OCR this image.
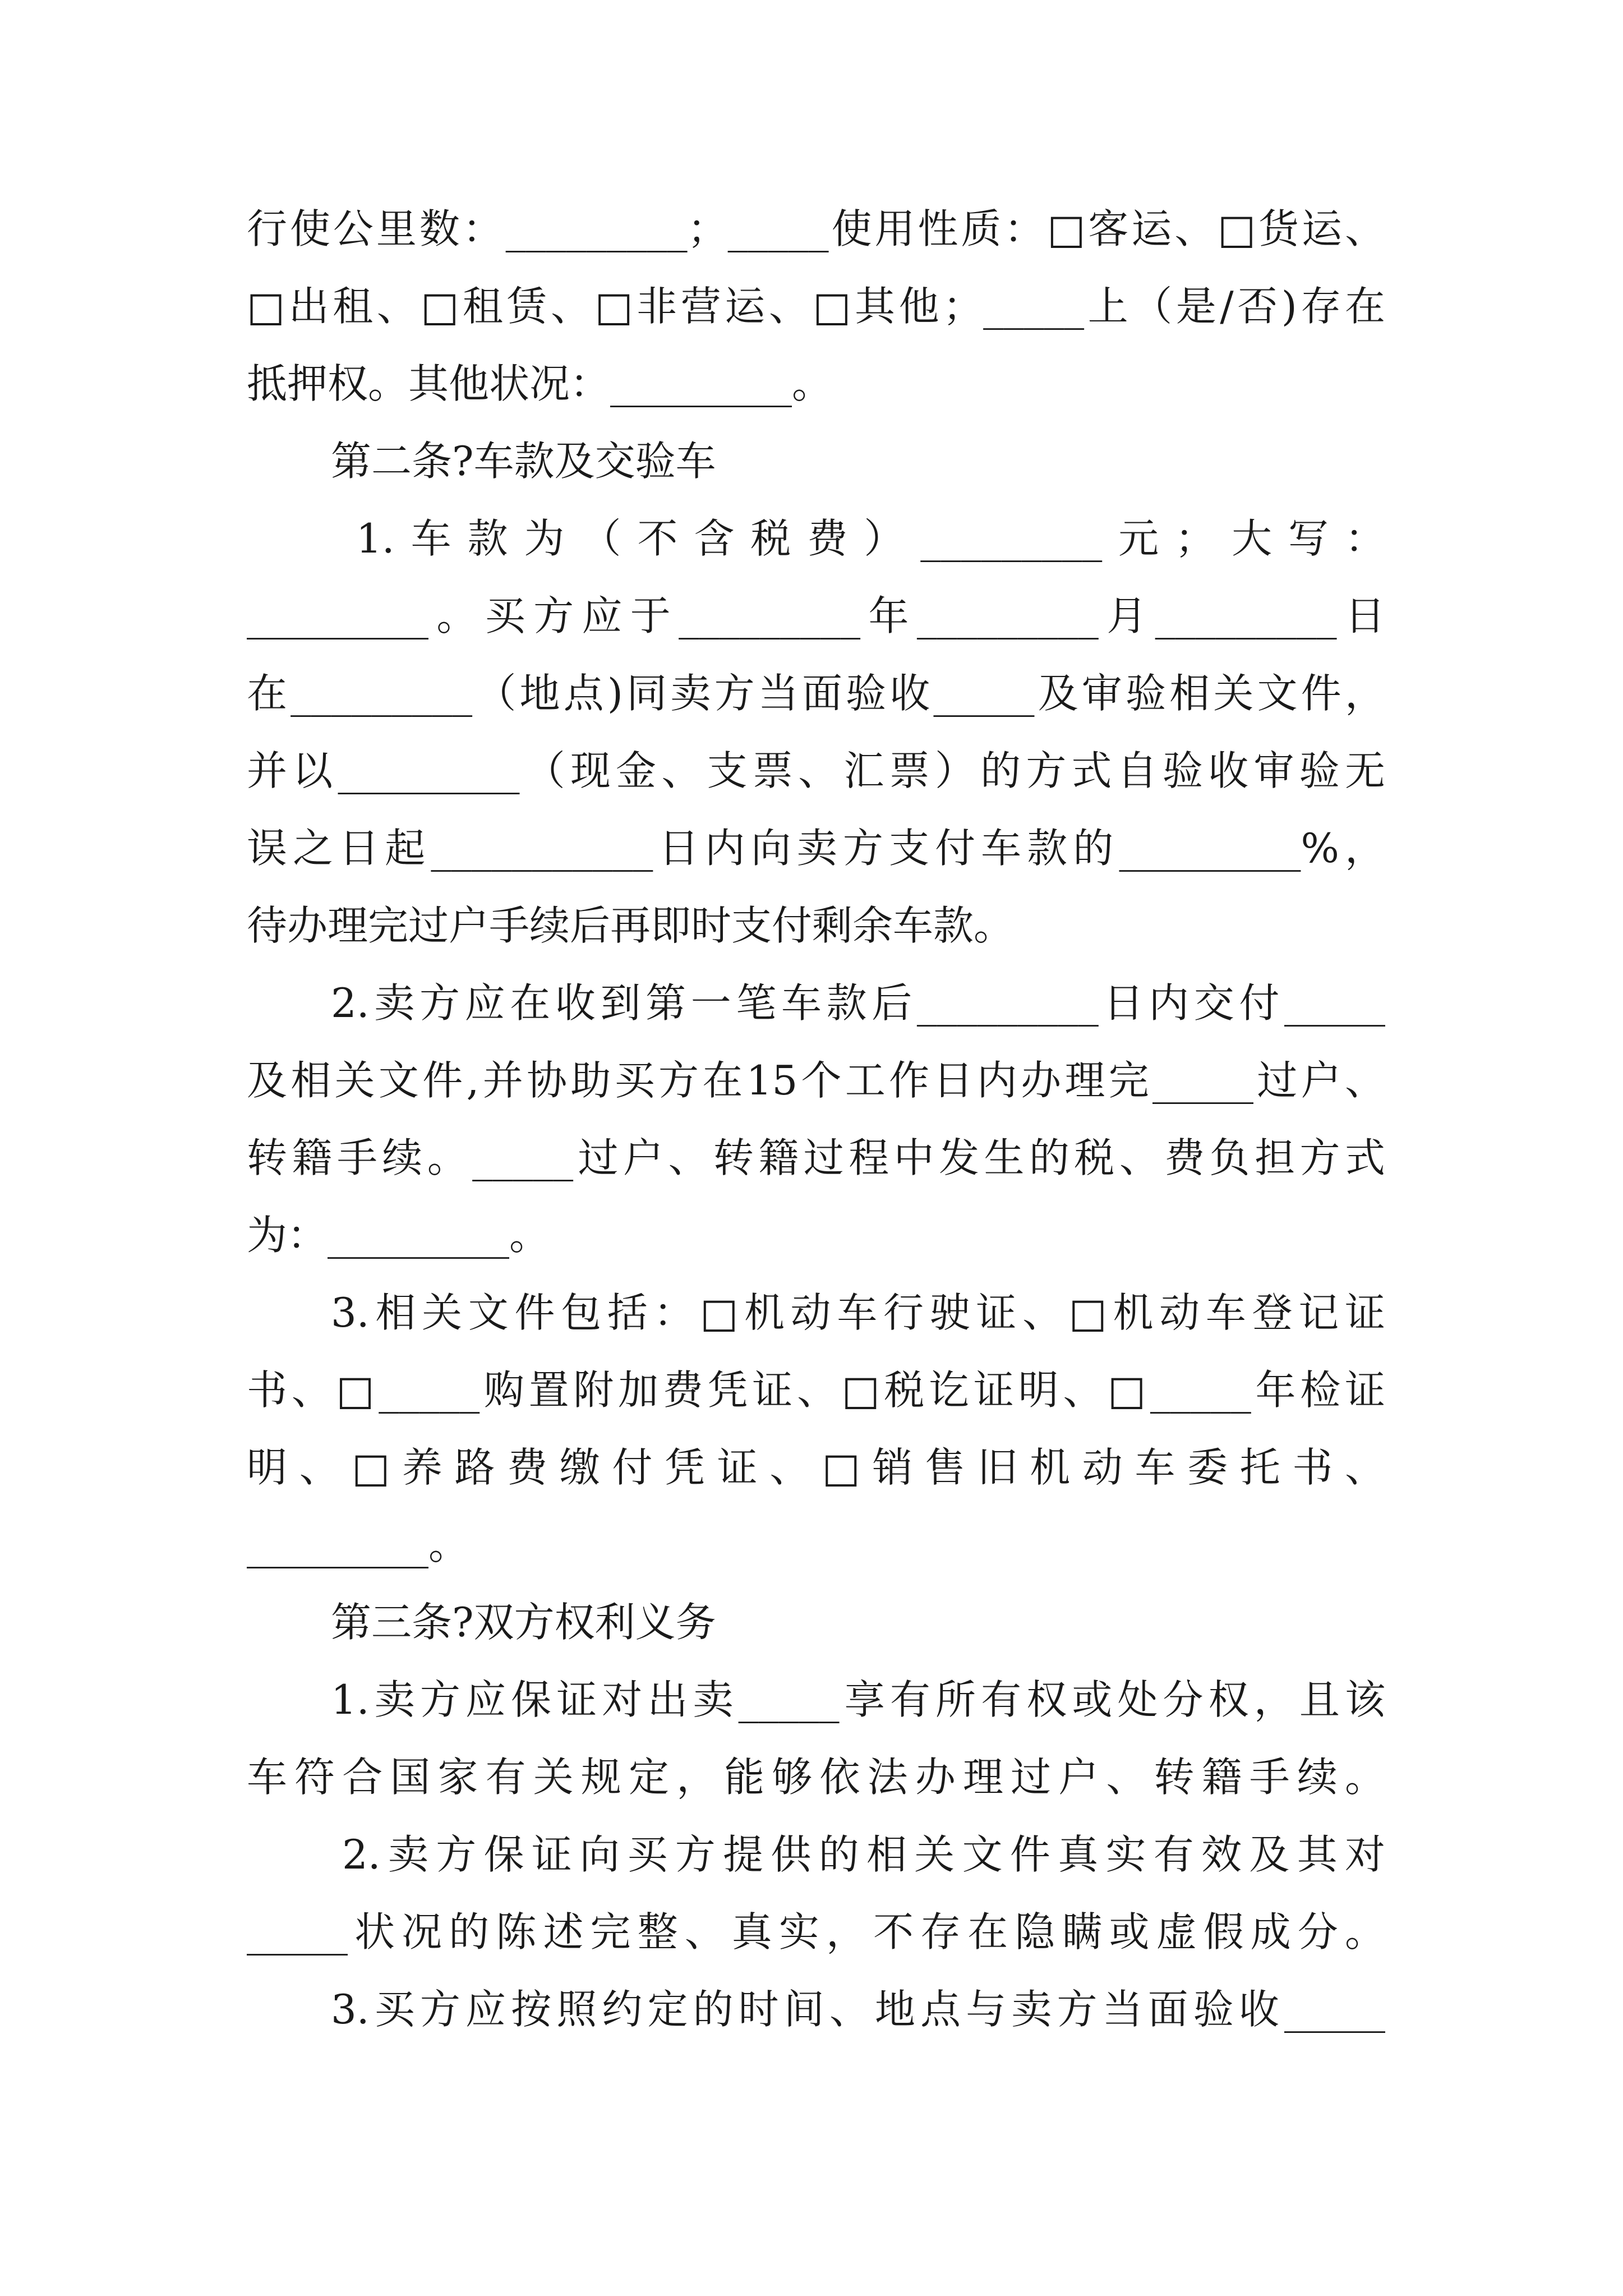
行使公里数：_________；_____使用性质：□客运、□货运、
□出租、□租赁、□非营运、□其他；_____上（是/否)存在
抵押权。其他状况：_________。
第二条?车款及交验车
1.车款为（不含税费）_________元；大写：
_________。买方应于_________年_________月_________日
在_________（地点)同卖方当面验收_____及审验相关文件，
并以_________（现金、支票、汇票）的方式自验收审验无
误之日起___________日内向卖方支付车款的_________%，
待办理完过户手续后再即时支付剩余车款。
2.卖方应在收到第一笔车款后_________日内交付_____
及相关文件,并协助买方在15个工作日内办理完_____过户、
转籍手续。_____过户、转籍过程中发生的税、费负担方式
为：_________。
3.相关文件包括：□机动车行驶证、□机动车登记证
书、□_____购置附加费凭证、□税讫证明、□_____年检证
明、□养路费缴付凭证、□销售旧机动车委托书、
_________。
第三条?双方权利义务
1.卖方应保证对出卖_____享有所有权或处分权，且该
车符合国家有关规定，能够依法办理过户、转籍手续。
2.卖方保证向买方提供的相关文件真实有效及其对
_____状况的陈述完整、真实，不存在隐瞒或虚假成分。
3.买方应按照约定的时间、地点与卖方当面验收_____
